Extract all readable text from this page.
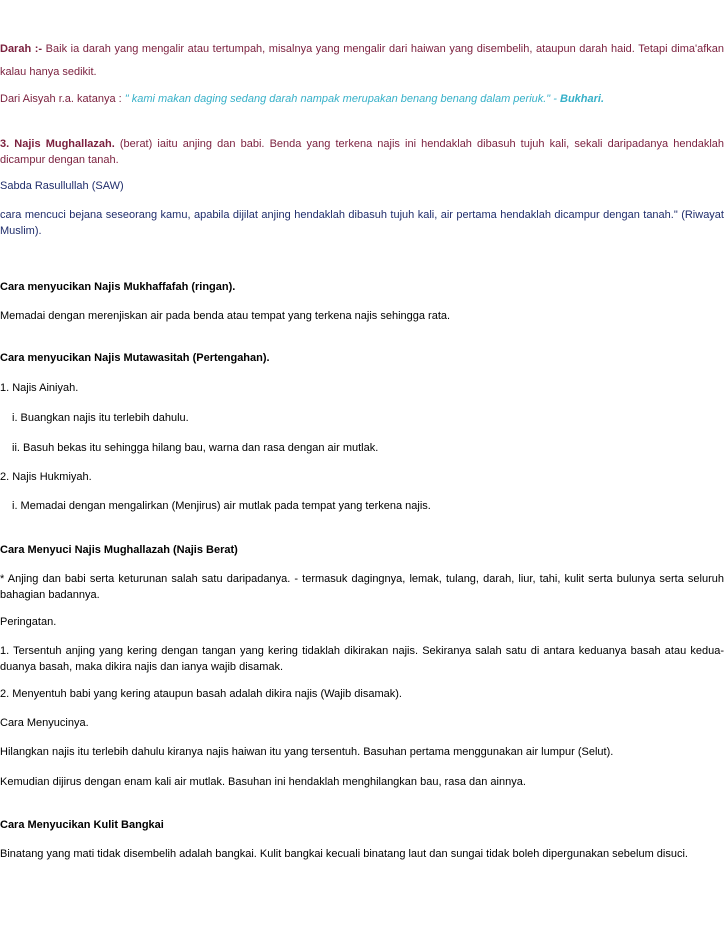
Darah :- Baik ia darah yang mengalir atau tertumpah, misalnya yang mengalir dari haiwan yang disembelih, ataupun darah haid. Tetapi dima'afkan kalau hanya sedikit.
Dari Aisyah r.a. katanya : " kami makan daging sedang darah nampak merupakan benang benang dalam periuk." - Bukhari.
3. Najis Mughallazah. (berat) iaitu anjing dan babi. Benda yang terkena najis ini hendaklah dibasuh tujuh kali, sekali daripadanya hendaklah dicampur dengan tanah.
Sabda Rasullullah (SAW)
cara mencuci bejana seseorang kamu, apabila dijilat anjing hendaklah dibasuh tujuh kali, air pertama hendaklah dicampur dengan tanah." (Riwayat Muslim).
Cara menyucikan Najis Mukhaffafah (ringan).
Memadai dengan merenjiskan air pada benda atau tempat yang terkena najis sehingga rata.
Cara menyucikan Najis Mutawasitah (Pertengahan).
1. Najis Ainiyah.
i. Buangkan najis itu terlebih dahulu.
ii. Basuh bekas itu sehingga hilang bau, warna dan rasa dengan air mutlak.
2. Najis Hukmiyah.
i. Memadai dengan mengalirkan (Menjirus) air mutlak pada tempat yang terkena najis.
Cara Menyuci Najis Mughallazah (Najis Berat)
* Anjing dan babi serta keturunan salah satu daripadanya. - termasuk dagingnya, lemak, tulang, darah, liur, tahi, kulit serta bulunya serta seluruh bahagian badannya.
Peringatan.
1. Tersentuh anjing yang kering dengan tangan yang kering tidaklah dikirakan najis. Sekiranya salah satu di antara keduanya basah atau kedua-duanya basah, maka dikira najis dan ianya wajib disamak.
2. Menyentuh babi yang kering ataupun basah adalah dikira najis (Wajib disamak).
Cara Menyucinya.
Hilangkan najis itu terlebih dahulu kiranya najis haiwan itu yang tersentuh. Basuhan pertama menggunakan air lumpur (Selut).
Kemudian dijirus dengan enam kali air mutlak. Basuhan ini hendaklah menghilangkan bau, rasa dan ainnya.
Cara Menyucikan Kulit Bangkai
Binatang yang mati tidak disembelih adalah bangkai. Kulit bangkai kecuali binatang laut dan sungai tidak boleh dipergunakan sebelum disuci.
